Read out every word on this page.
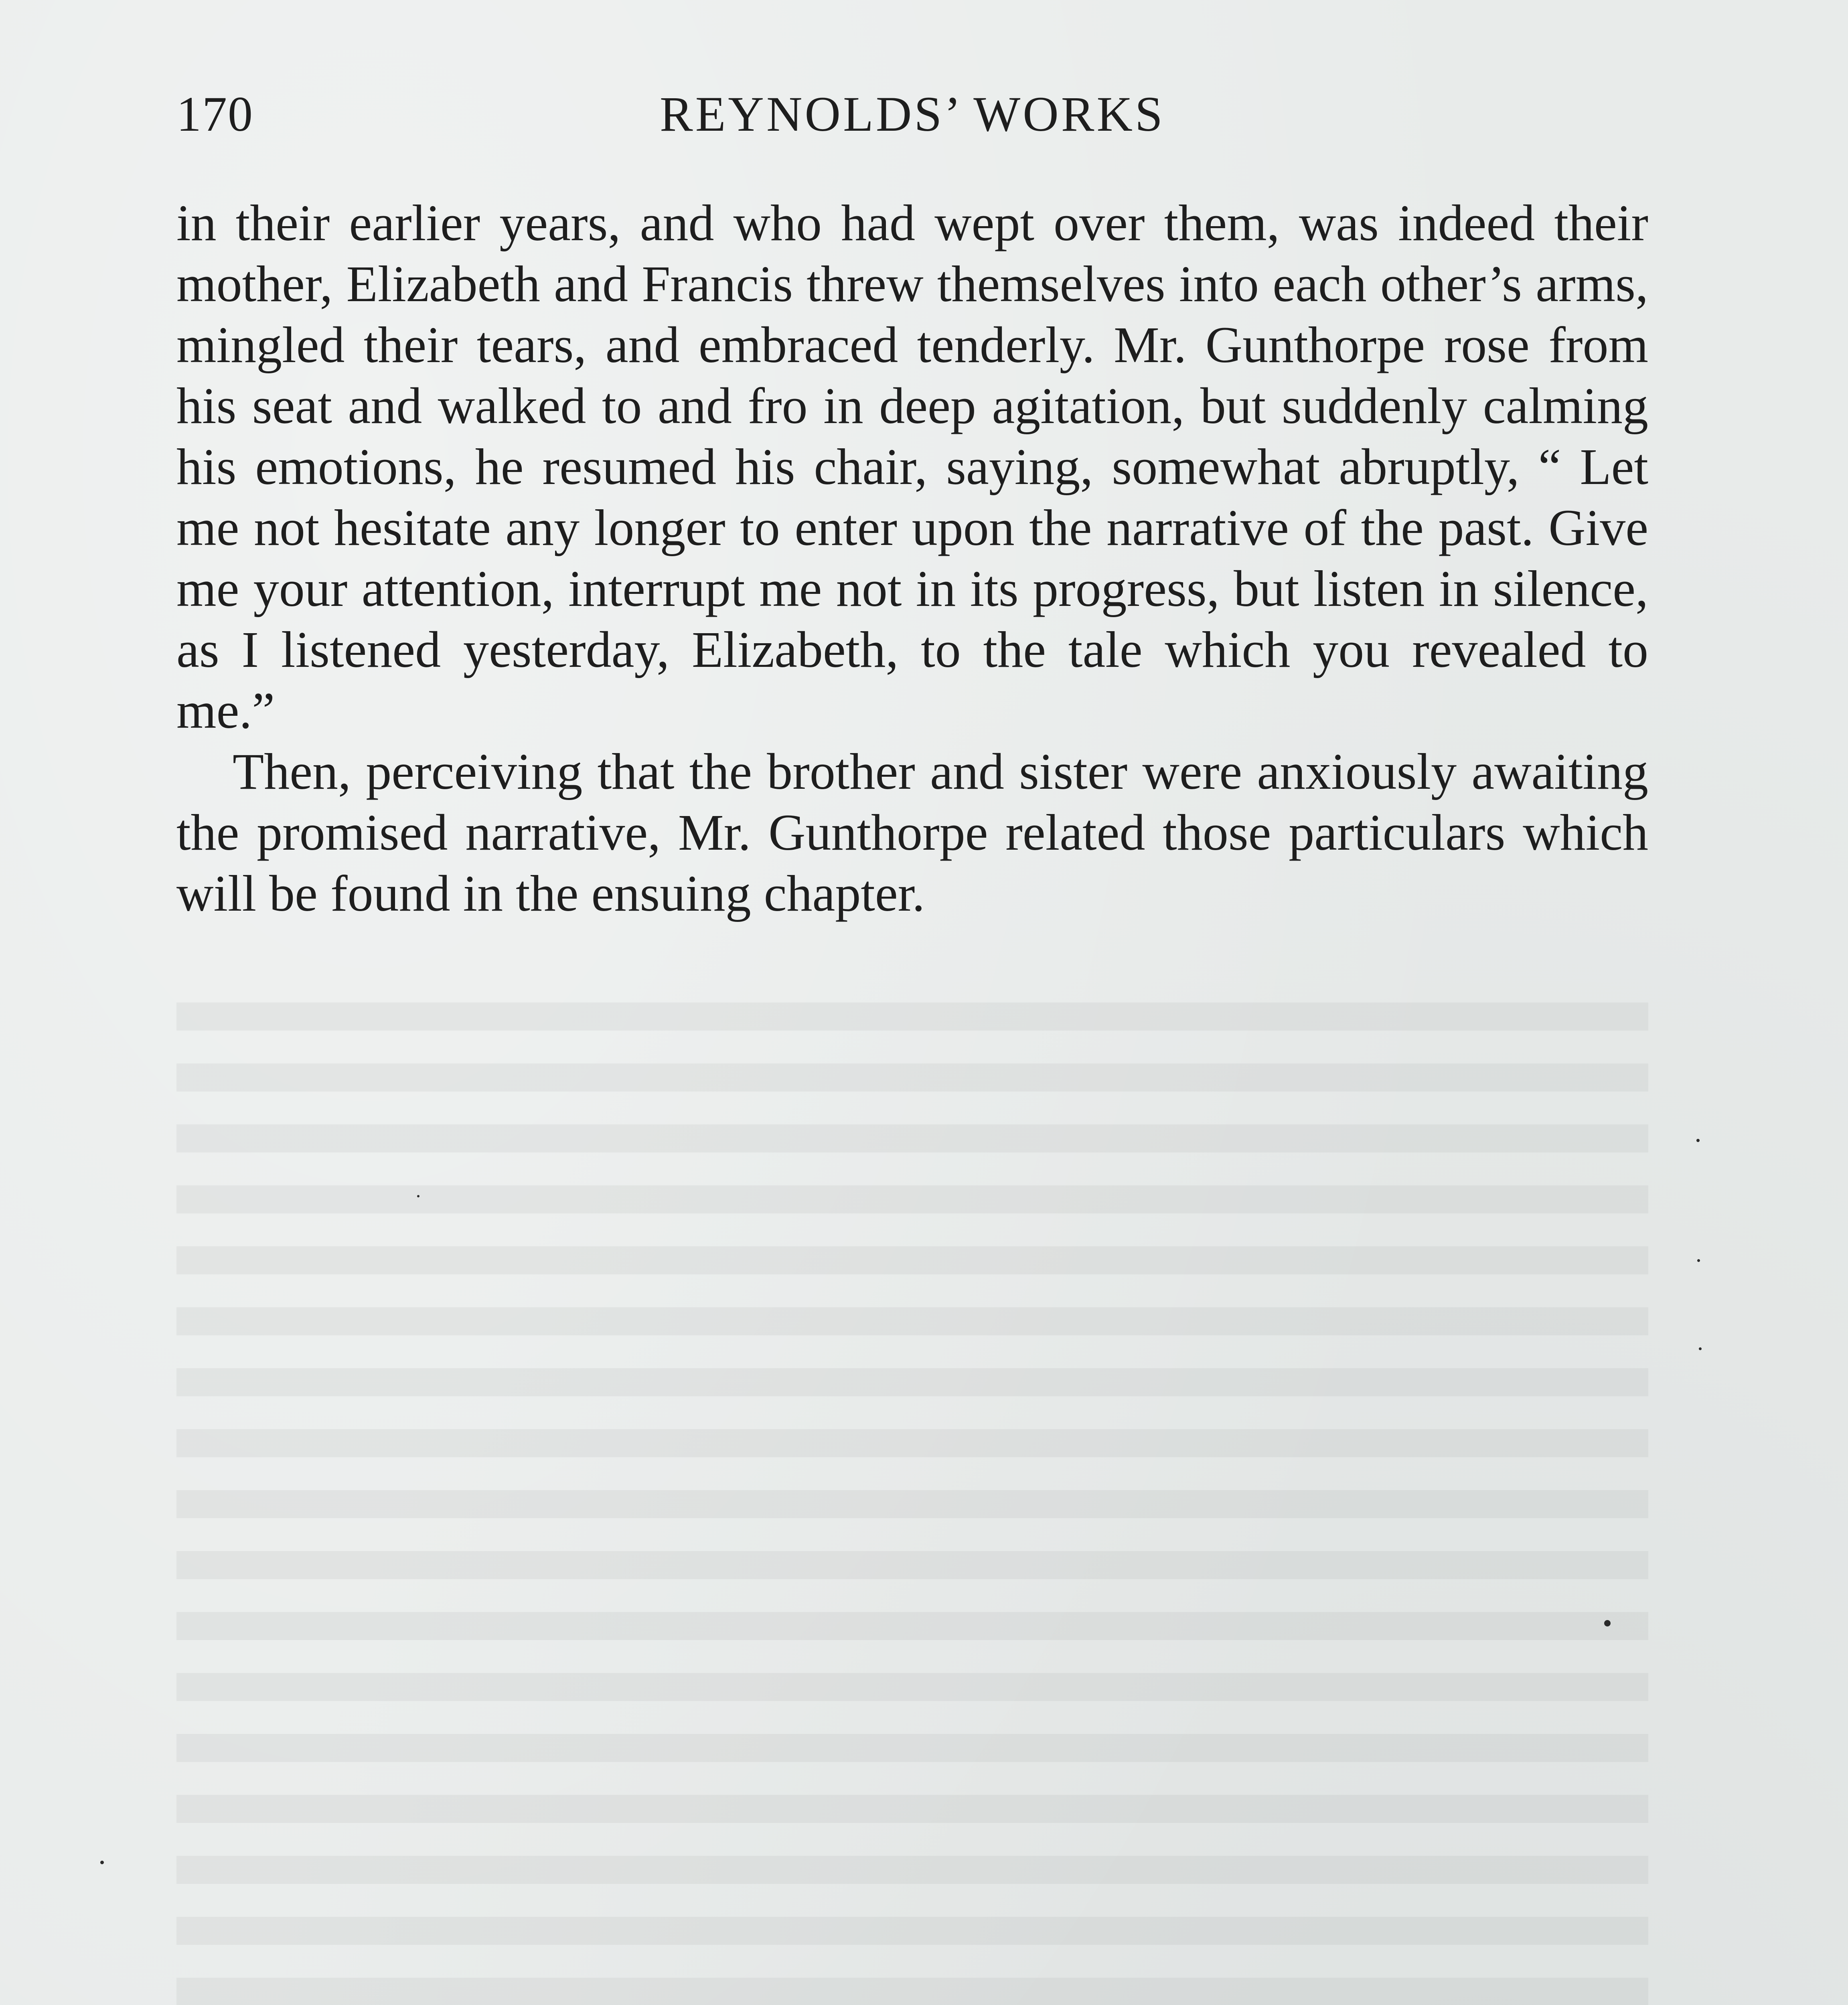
170	REYNOLDS’ WORKS

in their earlier years, and who had wept over them, was indeed their mother, Elizabeth and Francis threw themselves into each other’s arms, mingled their tears, and embraced tenderly. Mr. Gunthorpe rose from his seat and walked to and fro in deep agitation, but suddenly calming his emotions, he resumed his chair, saying, somewhat abruptly, “ Let me not hesitate any longer to enter upon the narrative of the past. Give me your attention, interrupt me not in its progress, but listen in silence, as I listened yesterday, Elizabeth, to the tale which you revealed to me.”

Then, perceiving that the brother and sister were anxiously awaiting the promised narrative, Mr. Gunthorpe related those particulars which will be found in the ensuing chapter.
